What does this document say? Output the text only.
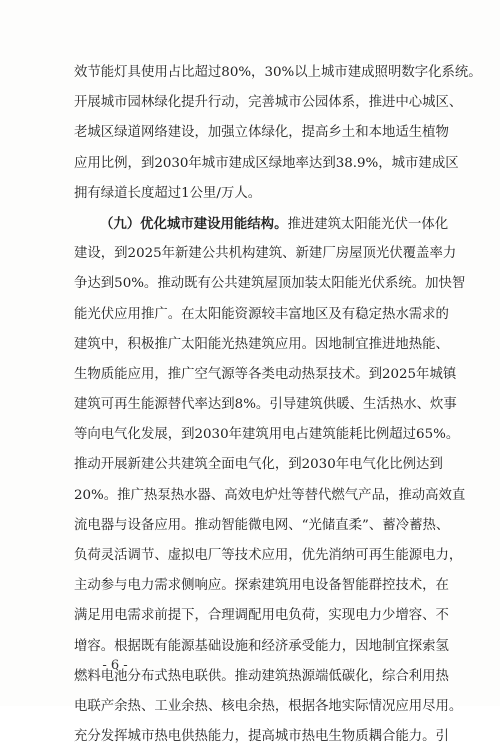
效节能灯具使用占比超过80%，30%以上城市建成照明数字化系统。
开展城市园林绿化提升行动，完善城市公园体系，推进中心城区、
老城区绿道网络建设，加强立体绿化，提高乡土和本地适生植物
应用比例，到2030年城市建成区绿地率达到38.9%，城市建成区
拥有绿道长度超过1公里/万人。
（九）优化城市建设用能结构。推进建筑太阳能光伏一体化
建设，到2025年新建公共机构建筑、新建厂房屋顶光伏覆盖率力
争达到50%。推动既有公共建筑屋顶加装太阳能光伏系统。加快智
能光伏应用推广。在太阳能资源较丰富地区及有稳定热水需求的
建筑中，积极推广太阳能光热建筑应用。因地制宜推进地热能、
生物质能应用，推广空气源等各类电动热泵技术。到2025年城镇
建筑可再生能源替代率达到8%。引导建筑供暖、生活热水、炊事
等向电气化发展，到2030年建筑用电占建筑能耗比例超过65%。
推动开展新建公共建筑全面电气化，到2030年电气化比例达到
20%。推广热泵热水器、高效电炉灶等替代燃气产品，推动高效直
流电器与设备应用。推动智能微电网、“光储直柔”、蓄冷蓄热、
负荷灵活调节、虚拟电厂等技术应用，优先消纳可再生能源电力，
主动参与电力需求侧响应。探索建筑用电设备智能群控技术，在
满足用电需求前提下，合理调配用电负荷，实现电力少增容、不
增容。根据既有能源基础设施和经济承受能力，因地制宜探索氢
燃料电池分布式热电联供。推动建筑热源端低碳化，综合利用热
电联产余热、工业余热、核电余热，根据各地实际情况应用尽用。
充分发挥城市热电供热能力，提高城市热电生物质耦合能力。引
- 6 -
